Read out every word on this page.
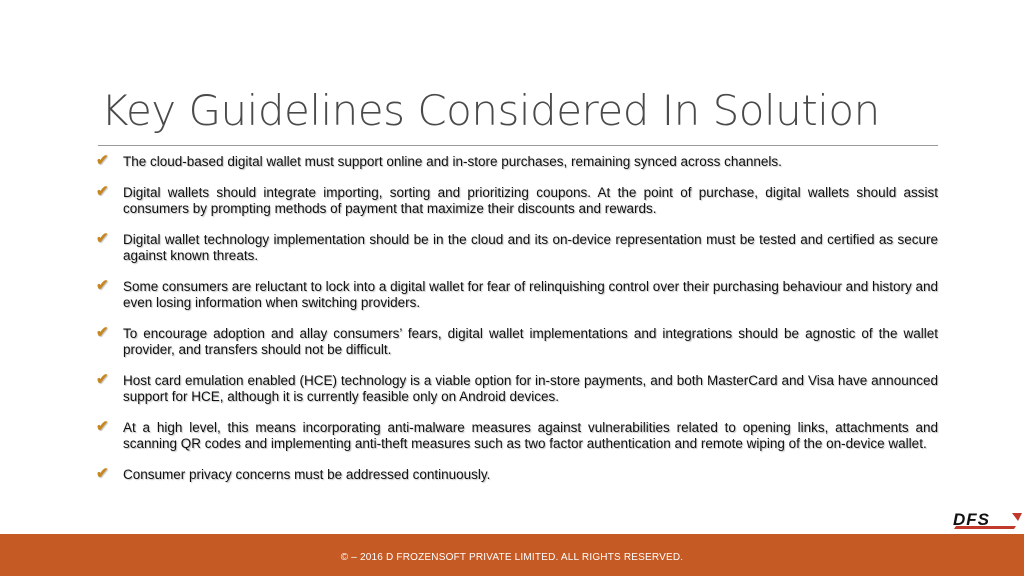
Key Guidelines Considered In Solution
✔ The cloud-based digital wallet must support online and in-store purchases, remaining synced across channels.
✔ Digital wallets should integrate importing, sorting and prioritizing coupons. At the point of purchase, digital wallets should assist consumers by prompting methods of payment that maximize their discounts and rewards.
✔ Digital wallet technology implementation should be in the cloud and its on-device representation must be tested and certified as secure against known threats.
✔ Some consumers are reluctant to lock into a digital wallet for fear of relinquishing control over their purchasing behaviour and history and even losing information when switching providers.
✔ To encourage adoption and allay consumers’ fears, digital wallet implementations and integrations should be agnostic of the wallet provider, and transfers should not be difficult.
✔ Host card emulation enabled (HCE) technology is a viable option for in-store payments, and both MasterCard and Visa have announced support for HCE, although it is currently feasible only on Android devices.
✔ At a high level, this means incorporating anti-malware measures against vulnerabilities related to opening links, attachments and scanning QR codes and implementing anti-theft measures such as two factor authentication and remote wiping of the on-device wallet.
✔ Consumer privacy concerns must be addressed continuously.
DFS
© – 2016 D FROZENSOFT PRIVATE LIMITED. ALL RIGHTS RESERVED.
